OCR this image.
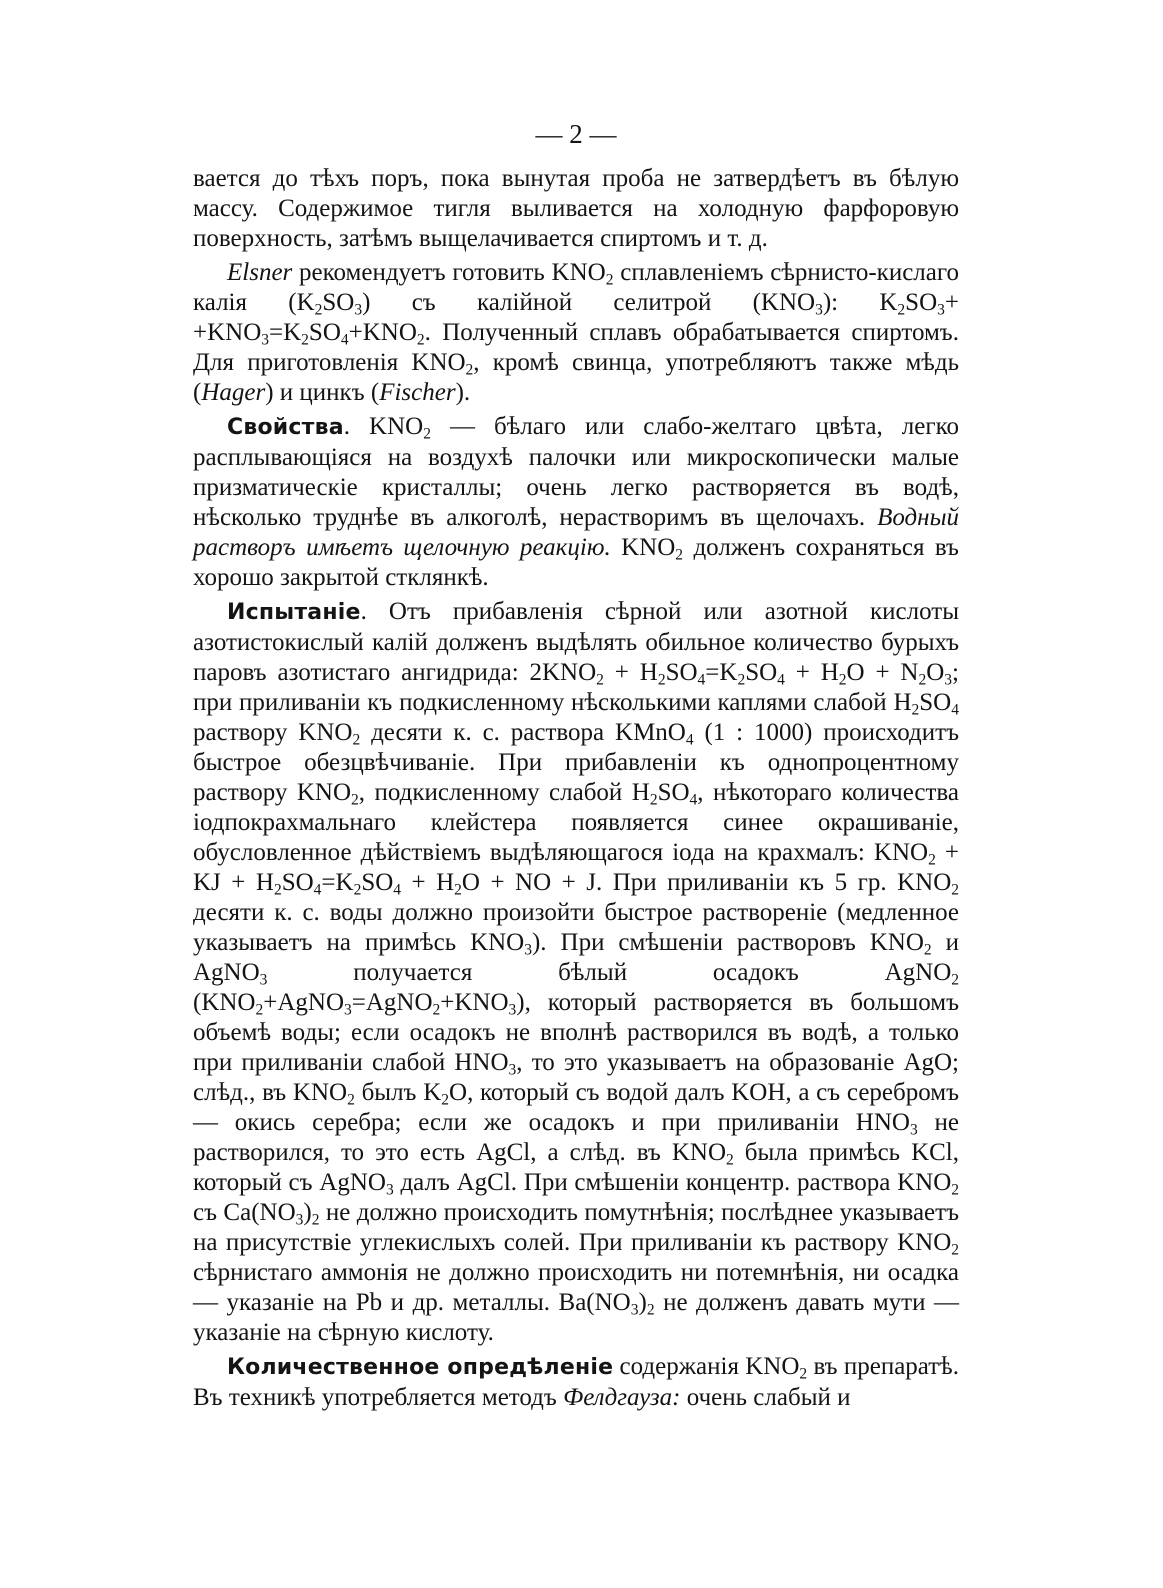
— 2 —

вается до тѣхъ поръ, пока вынутая проба не затвердѣетъ въ бѣлую массу. Содержимое тигля выливается на холодную фарфоровую поверхность, затѣмъ выщелачивается спиртомъ и т. д.

Elsner рекомендуетъ готовить $KNO_2$ сплавленіемъ сѣрнисто-кислаго калія $(K_2SO_3)$ съ калійной селитрой $(KNO_3)$: $K_2SO_3+ +KNO_3=K_2SO_4+KNO_2$. Полученный сплавъ обрабатывается спиртомъ. Для приготовленія $KNO_2$, кромѣ свинца, употребляютъ также мѣдь (Hager) и цинкъ (Fischer).

Свойства. $KNO_2$ — бѣлаго или слабо-желтаго цвѣта, легко расплывающіяся на воздухѣ палочки или микроскопически малые призматическіе кристаллы; очень легко растворяется въ водѣ, нѣсколько труднѣе въ алкоголѣ, нерастворимъ въ щелочахъ. Водный растворъ имѣетъ щелочную реакцію. $KNO_2$ долженъ сохраняться въ хорошо закрытой стклянкѣ.

Испытаніе. Отъ прибавленія сѣрной или азотной кислоты азотистокислый калій долженъ выдѣлять обильное количество бурыхъ паровъ азотистаго ангидрида: $2KNO_2 + H_2SO_4=K_2SO_4 + H_2O + N_2O_3$; при приливаніи къ подкисленному нѣсколькими каплями слабой $H_2SO_4$ раствору $KNO_2$ десяти к. с. раствора KMnO$_4$ (1 : 1000) происходитъ быстрое обезцвѣчиваніе. При прибавленіи къ однопроцентному раствору $KNO_2$, подкисленному слабой $H_2SO_4$, нѣкотораго количества іодпокрахмальнаго клейстера появляется синее окрашиваніе, обусловленное дѣйствіемъ выдѣляющагося іода на крахмалъ: $KNO_2$ + KJ + $H_2SO_4=K_2SO_4 + H_2O$ + NO + J. При приливаніи къ 5 гр. $KNO_2$ десяти к. с. воды должно произойти быстрое раствореніе (медленное указываетъ на примѣсь $KNO_3$). При смѣшеніи растворовъ $KNO_2$ и AgNO$_3$ получается бѣлый осадокъ AgNO$_2$ $(KNO_2+AgNO_3=AgNO_2+KNO_3)$, который растворяется въ большомъ объемѣ воды; если осадокъ не вполнѣ растворился въ водѣ, а только при приливаніи слабой $HNO_3$, то это указываетъ на образованіе AgO; слѣд., въ $KNO_2$ былъ $K_2O$, который съ водой далъ KOH, а съ серебромъ — окись серебра; если же осадокъ и при приливаніи $HNO_3$ не растворился, то это есть AgCl, а слѣд. въ $KNO_2$ была примѣсь KCl, который съ AgNO$_3$ далъ AgCl. При смѣшеніи концентр. раствора $KNO_2$ съ $Ca(NO_3)_2$ не должно происходить помутнѣнія; послѣднее указываетъ на присутствіе углекислыхъ солей. При приливаніи къ раствору $KNO_2$ сѣрнистаго аммонія не должно происходить ни потемнѣнія, ни осадка — указаніе на Pb и др. металлы. $Ba(NO_3)_2$ не долженъ давать мути — указаніе на сѣрную кислоту.

Количественное опредѣленіе содержанія $KNO_2$ въ препаратѣ. Въ техникѣ употребляется методъ Фелдгауза: очень слабый и
